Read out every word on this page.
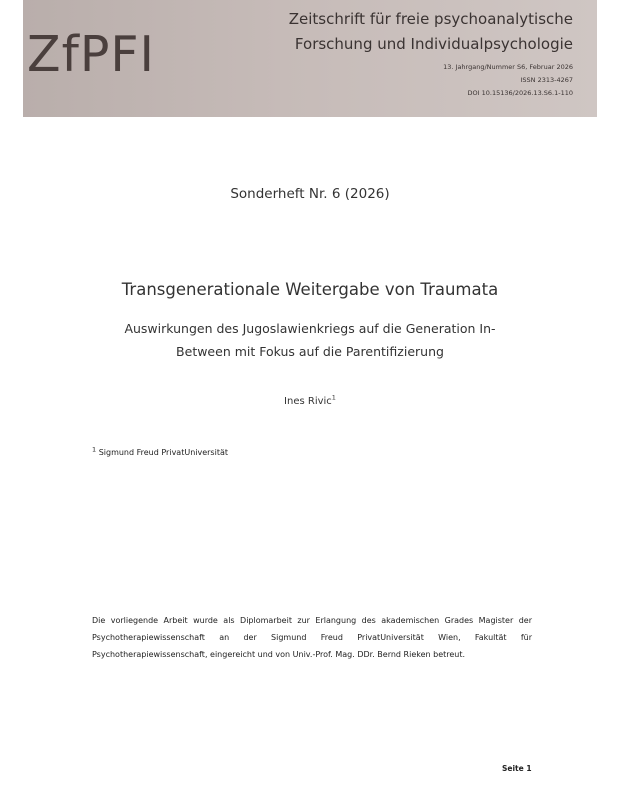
ZfPFI
Zeitschrift für freie psychoanalytische
Forschung und Individualpsychologie
13. Jahrgang/Nummer S6, Februar 2026
ISSN 2313-4267
DOI 10.15136/2026.13.S6.1-110
Sonderheft Nr. 6 (2026)
Transgenerationale Weitergabe von Traumata
Auswirkungen des Jugoslawienkriegs auf die Generation In-Between mit Fokus auf die Parentifizierung
Ines Rivic$^1$
$^1$ Sigmund Freud PrivatUniversität
Die vorliegende Arbeit wurde als Diplomarbeit zur Erlangung des akademischen Grades Magister der Psychotherapiewissenschaft an der Sigmund Freud PrivatUniversität Wien, Fakultät für Psychotherapiewissenschaft, eingereicht und von Univ.-Prof. Mag. DDr. Bernd Rieken betreut.
Seite 1
